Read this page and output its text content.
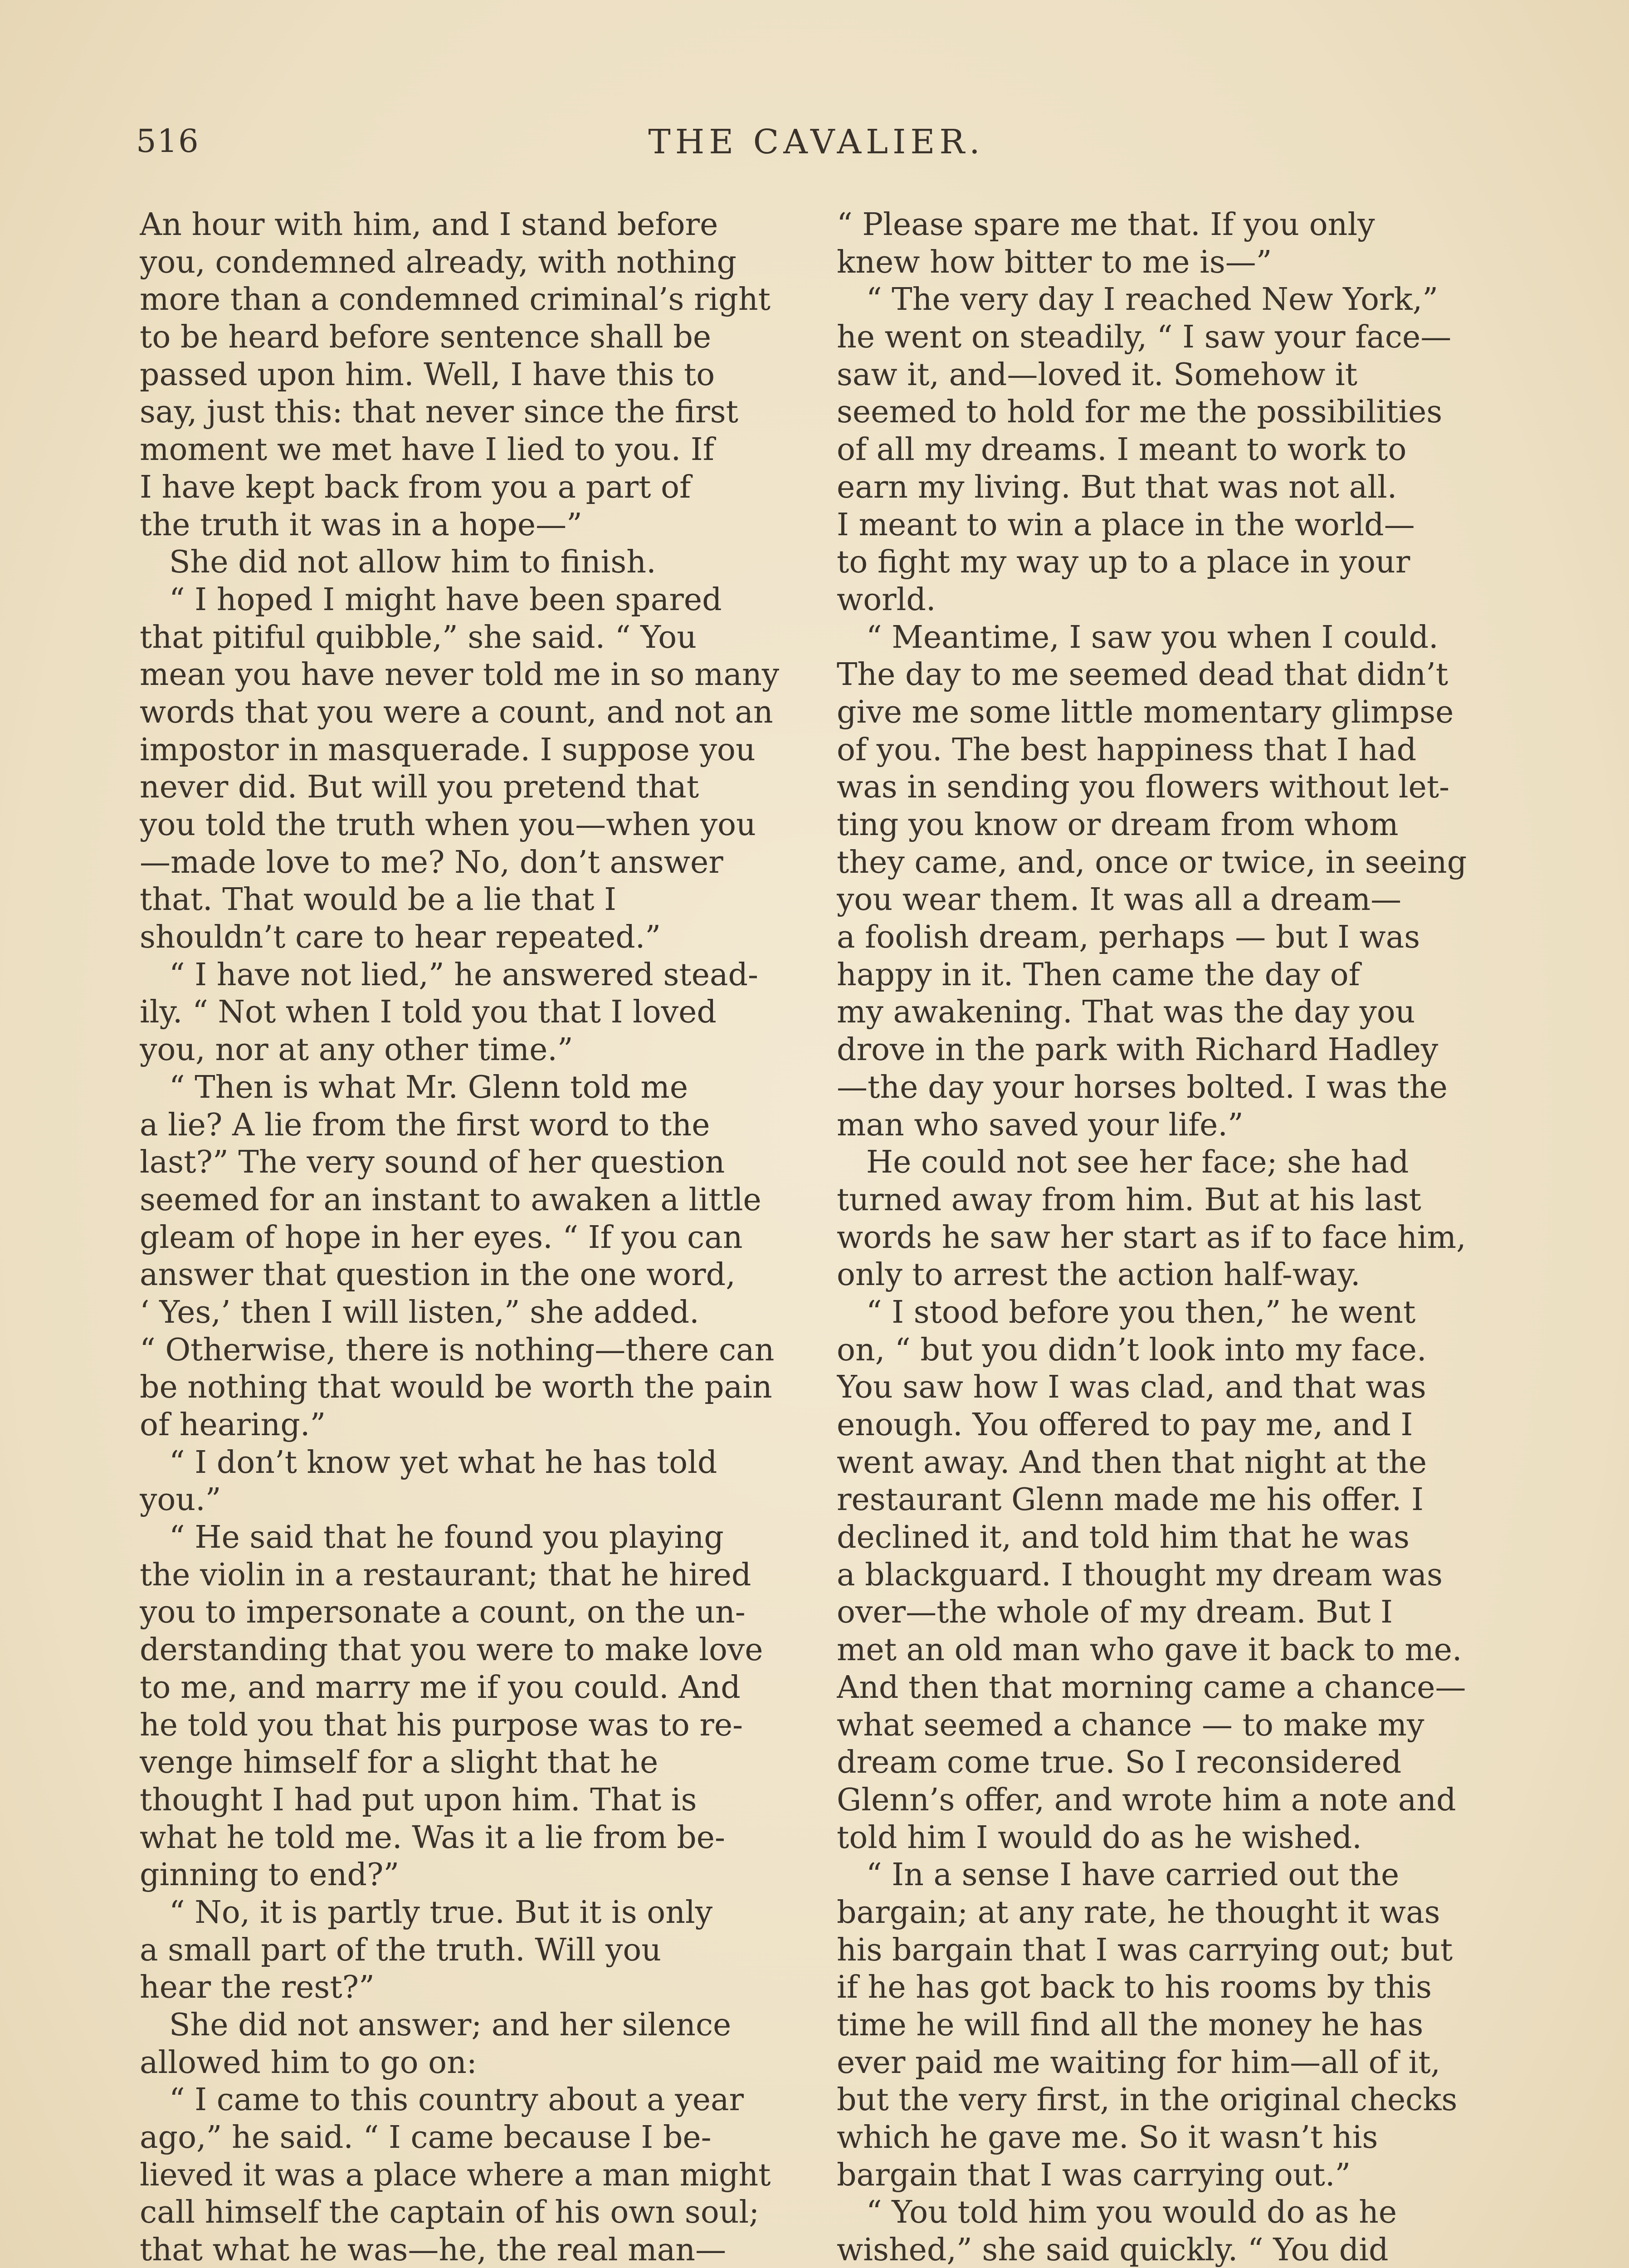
516	THE CAVALIER.
An hour with him, and I stand before
you, condemned already, with nothing
more than a condemned criminal’s right
to be heard before sentence shall be
passed upon him. Well, I have this to
say, just this: that never since the first
moment we met have I lied to you. If
I have kept back from you a part of
the truth it was in a hope—”
She did not allow him to finish.
“ I hoped I might have been spared
that pitiful quibble,” she said. “ You
mean you have never told me in so many
words that you were a count, and not an
impostor in masquerade. I suppose you
never did. But will you pretend that
you told the truth when you—when you
—made love to me? No, don’t answer
that. That would be a lie that I
shouldn’t care to hear repeated.”
“ I have not lied,” he answered stead-
ily. “ Not when I told you that I loved
you, nor at any other time.”
“ Then is what Mr. Glenn told me
a lie? A lie from the first word to the
last?” The very sound of her question
seemed for an instant to awaken a little
gleam of hope in her eyes. “ If you can
answer that question in the one word,
‘ Yes,’ then I will listen,” she added.
“ Otherwise, there is nothing—there can
be nothing that would be worth the pain
of hearing.”
“ I don’t know yet what he has told
you.”
“ He said that he found you playing
the violin in a restaurant; that he hired
you to impersonate a count, on the un-
derstanding that you were to make love
to me, and marry me if you could. And
he told you that his purpose was to re-
venge himself for a slight that he
thought I had put upon him. That is
what he told me. Was it a lie from be-
ginning to end?”
“ No, it is partly true. But it is only
a small part of the truth. Will you
hear the rest?”
She did not answer; and her silence
allowed him to go on:
“ I came to this country about a year
ago,” he said. “ I came because I be-
lieved it was a place where a man might
call himself the captain of his own soul;
that what he was—he, the real man—
“ Please spare me that. If you only
knew how bitter to me is—”
“ The very day I reached New York,”
he went on steadily, “ I saw your face—
saw it, and—loved it. Somehow it
seemed to hold for me the possibilities
of all my dreams. I meant to work to
earn my living. But that was not all.
I meant to win a place in the world—
to fight my way up to a place in your
world.
“ Meantime, I saw you when I could.
The day to me seemed dead that didn’t
give me some little momentary glimpse
of you. The best happiness that I had
was in sending you flowers without let-
ting you know or dream from whom
they came, and, once or twice, in seeing
you wear them. It was all a dream—
a foolish dream, perhaps — but I was
happy in it. Then came the day of
my awakening. That was the day you
drove in the park with Richard Hadley
—the day your horses bolted. I was the
man who saved your life.”
He could not see her face; she had
turned away from him. But at his last
words he saw her start as if to face him,
only to arrest the action half-way.
“ I stood before you then,” he went
on, “ but you didn’t look into my face.
You saw how I was clad, and that was
enough. You offered to pay me, and I
went away. And then that night at the
restaurant Glenn made me his offer. I
declined it, and told him that he was
a blackguard. I thought my dream was
over—the whole of my dream. But I
met an old man who gave it back to me.
And then that morning came a chance—
what seemed a chance — to make my
dream come true. So I reconsidered
Glenn’s offer, and wrote him a note and
told him I would do as he wished.
“ In a sense I have carried out the
bargain; at any rate, he thought it was
his bargain that I was carrying out; but
if he has got back to his rooms by this
time he will find all the money he has
ever paid me waiting for him—all of it,
but the very first, in the original checks
which he gave me. So it wasn’t his
bargain that I was carrying out.”
“ You told him you would do as he
wished,” she said quickly. “ You did
